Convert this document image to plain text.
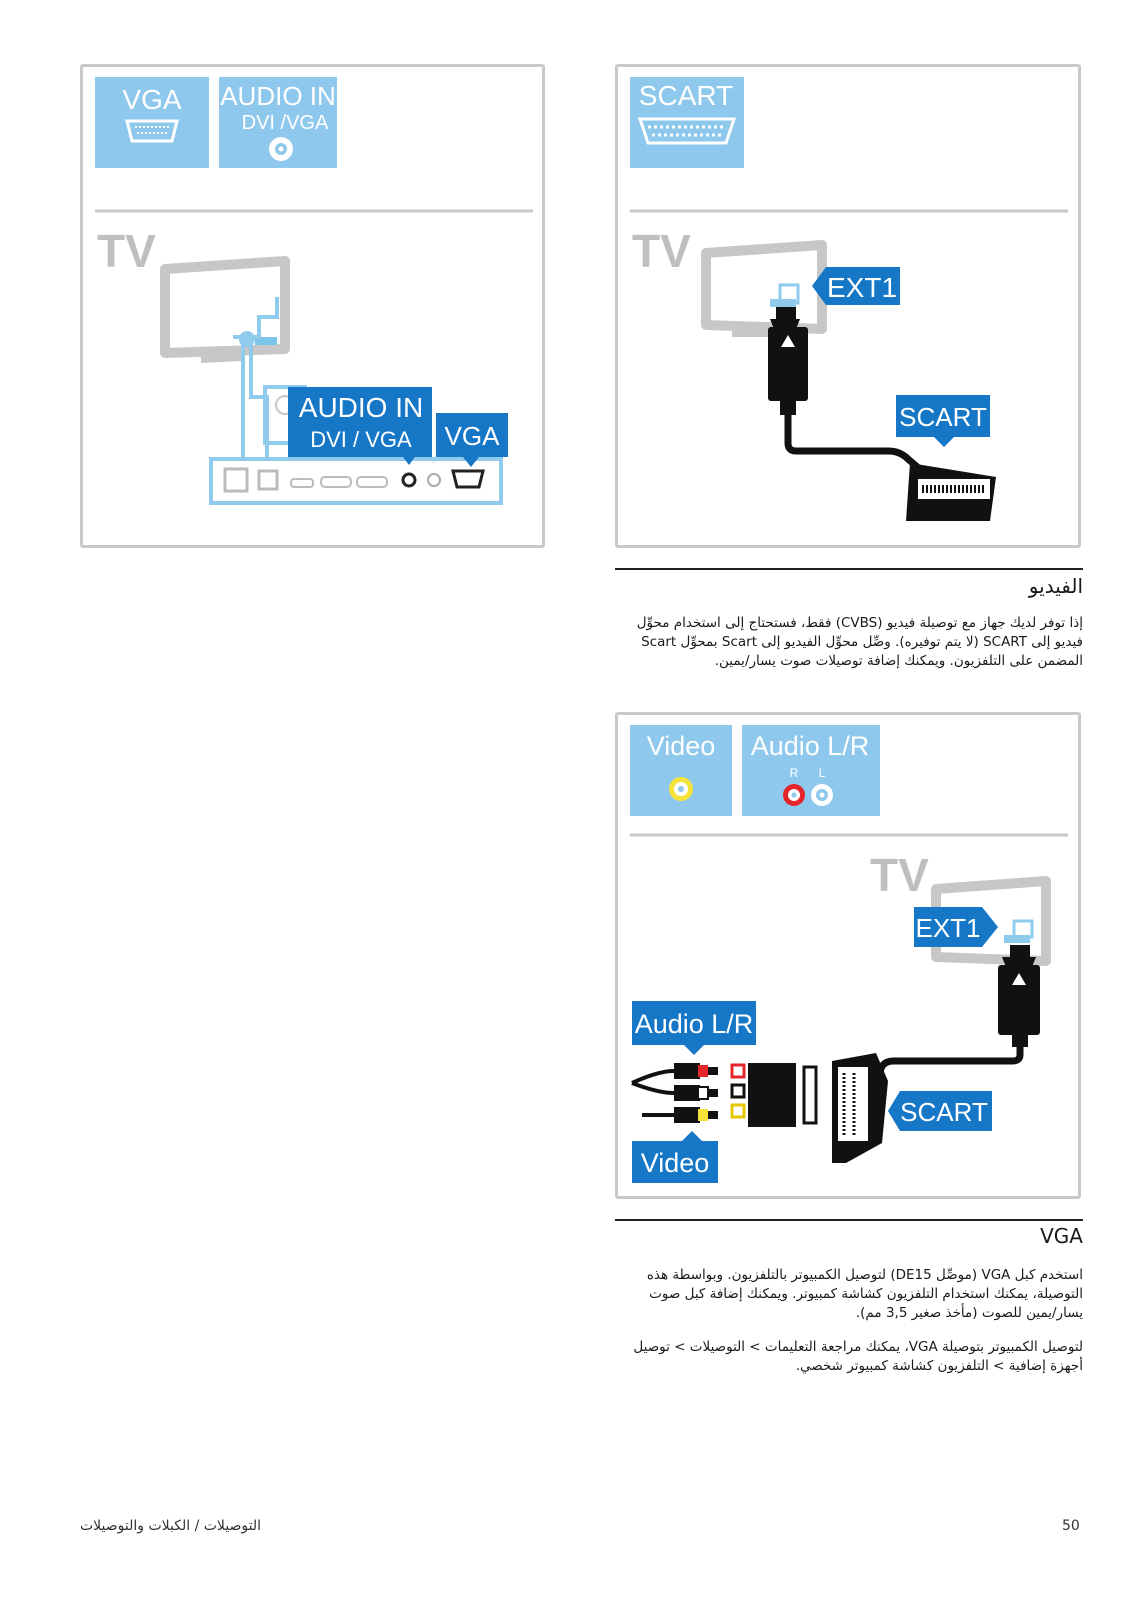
VGA AUDIO IN
DVI /VGA
TV
AUDIO IN
DVI / VGA VGA
SCART
TV
EXT1
SCART
الفيديو
إذا توفر لديك جهاز مع توصيلة فيديو (CVBS) فقط، فستحتاج إلى استخدام محوِّل فيديو إلى SCART (لا يتم توفيره). وصِّل محوِّل الفيديو إلى Scart بمحوِّل Scart المضمن على التلفزيون. ويمكنك إضافة توصيلات صوت يسار/يمين.
Video Audio L/R
R L
TV
EXT1
Audio L/R
Video
SCART
VGA
استخدم كبل VGA (موصِّل DE15) لتوصيل الكمبيوتر بالتلفزيون. وبواسطة هذه التوصيلة، يمكنك استخدام التلفزيون كشاشة كمبيوتر. ويمكنك إضافة كبل صوت يسار/يمين للصوت (مأخذ صغير 3,5 مم).
لتوصيل الكمبيوتر بتوصيلة VGA، يمكنك مراجعة التعليمات > التوصيلات > توصيل أجهزة إضافية > التلفزيون كشاشة كمبيوتر شخصي.
50
التوصيلات / الكبلات والتوصيلات
